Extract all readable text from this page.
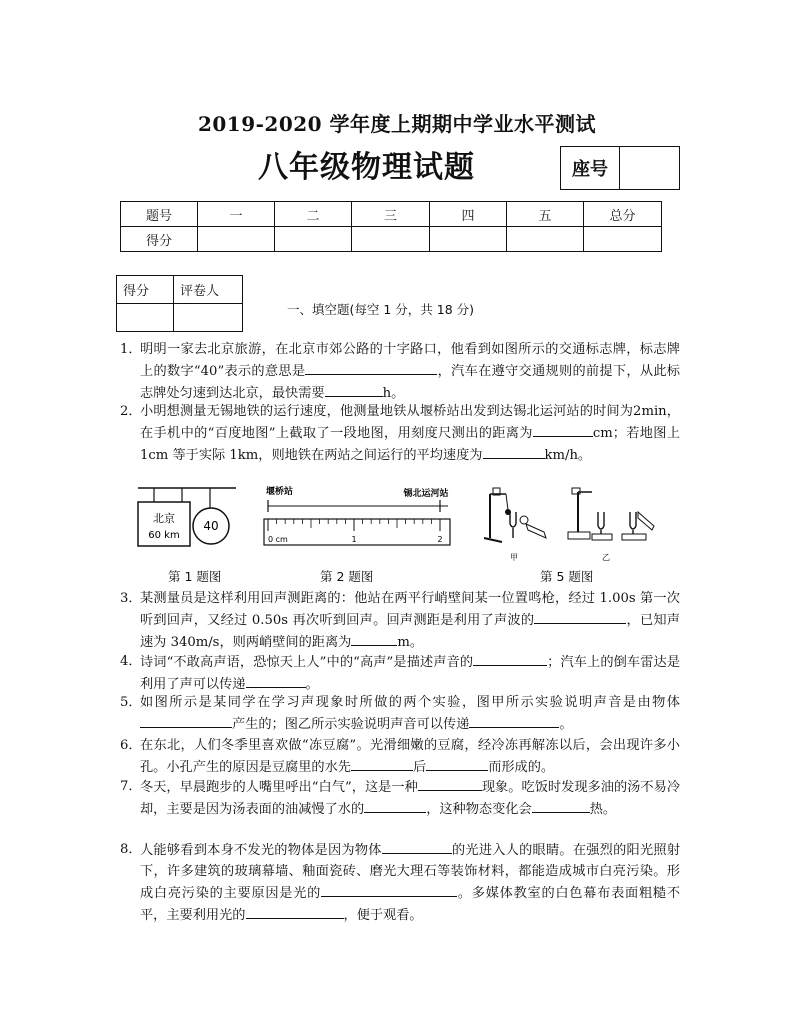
2019-2020 学年度上期期中学业水平测试
八年级物理试题	座号
题号	一	二	三	四	五	总分
得分						
得分	评卷人

一、填空题(每空 1 分，共 18 分)
1．
明明一家去北京旅游，在北京市郊公路的十字路口，他看到如图所示的交通标志牌，标志牌上的数字“40”表示的意思是	，汽车在遵守交通规则的前提下，从此标志牌处匀速到达北京，最快需要	h。
2．
小明想测量无锡地铁的运行速度，他测量地铁从堰桥站出发到达锡北运河站的时间为2min，在手机中的“百度地图”上截取了一段地图，用刻度尺测出的距离为	cm；若地图上 1cm 等于实际 1km，则地铁在两站之间运行的平均速度为	km/h。
北京
60 km
40
堰桥站	锡北运河站
0 cm	1	2
甲	乙
第 1 题图	第 2 题图	第 5 题图
3．
某测量员是这样利用回声测距离的：他站在两平行峭壁间某一位置鸣枪，经过 1.00s 第一次听到回声，又经过 0.50s 再次听到回声。回声测距是利用了声波的	，已知声速为 340m/s，则两峭壁间的距离为	m。
4．
诗词“不敢高声语，恐惊天上人”中的“高声”是描述声音的	；汽车上的倒车雷达是利用了声可以传递	。
5．
如图所示是某同学在学习声现象时所做的两个实验，图甲所示实验说明声音是由物体产生的；图乙所示实验说明声音可以传递	。
6．
在东北，人们冬季里喜欢做“冻豆腐”。光滑细嫩的豆腐，经冷冻再解冻以后，会出现许多小孔。小孔产生的原因是豆腐里的水先	后	而形成的。
7．
冬天，早晨跑步的人嘴里呼出“白气”，这是一种	现象。吃饭时发现多油的汤不易冷却，主要是因为汤表面的油减慢了水的	，这种物态变化会	热。
8．
人能够看到本身不发光的物体是因为物体	的光进入人的眼睛。在强烈的阳光照射下，许多建筑的玻璃幕墙、釉面瓷砖、磨光大理石等装饰材料，都能造成城市白亮污染。形成白亮污染的主要原因是光的	。多媒体教室的白色幕布表面粗糙不平，主要利用光的	，便于观看。
